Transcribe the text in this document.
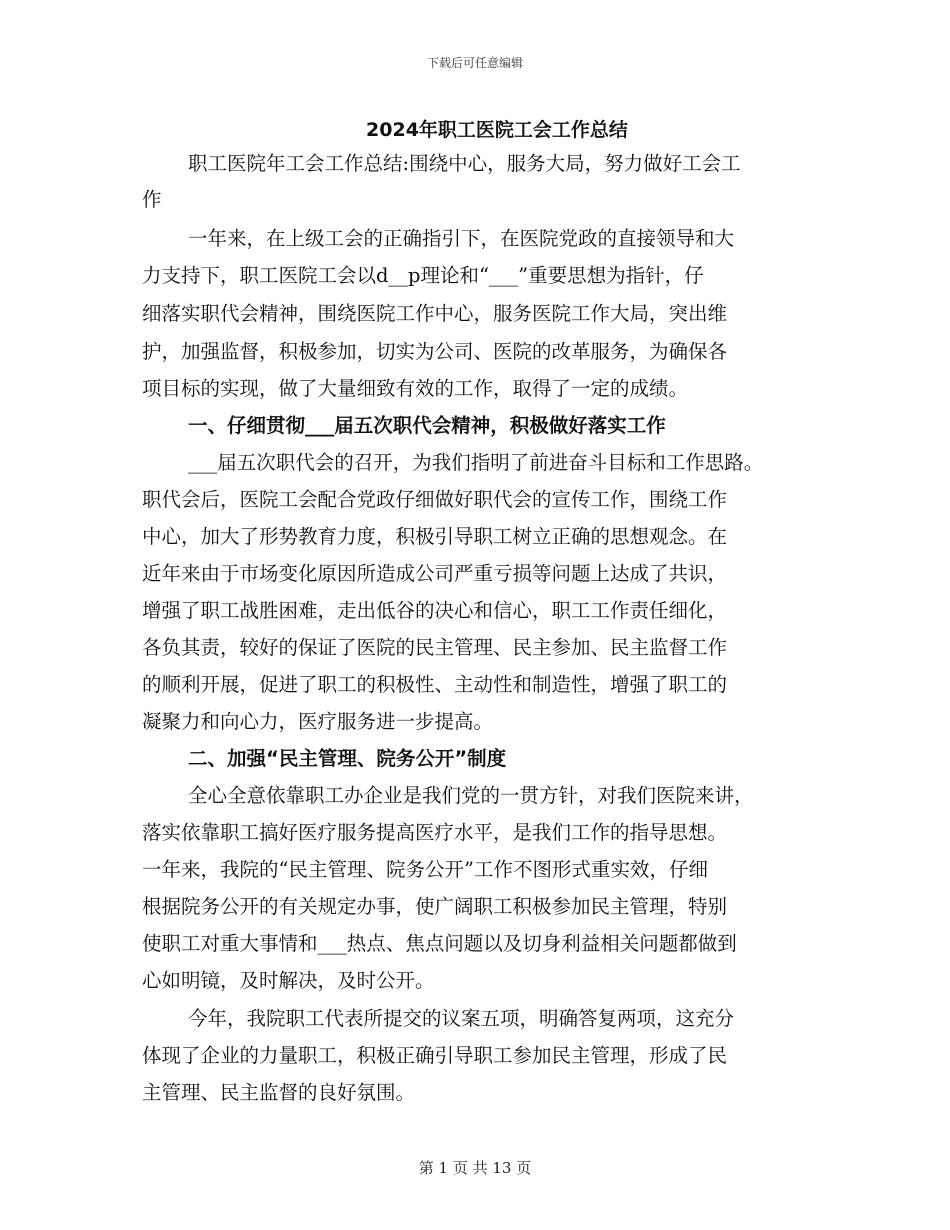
下载后可任意编辑
2024年职工医院工会工作总结
职工医院年工会工作总结:围绕中心，服务大局，努力做好工会工
作
一年来，在上级工会的正确指引下，在医院党政的直接领导和大
力支持下，职工医院工会以d__p理论和“___”重要思想为指针，仔
细落实职代会精神，围绕医院工作中心，服务医院工作大局，突出维
护，加强监督，积极参加，切实为公司、医院的改革服务，为确保各
项目标的实现，做了大量细致有效的工作，取得了一定的成绩。
一、仔细贯彻___届五次职代会精神，积极做好落实工作
___届五次职代会的召开，为我们指明了前进奋斗目标和工作思路。
职代会后，医院工会配合党政仔细做好职代会的宣传工作，围绕工作
中心，加大了形势教育力度，积极引导职工树立正确的思想观念。在
近年来由于市场变化原因所造成公司严重亏损等问题上达成了共识，
增强了职工战胜困难，走出低谷的决心和信心，职工工作责任细化，
各负其责，较好的保证了医院的民主管理、民主参加、民主监督工作
的顺利开展，促进了职工的积极性、主动性和制造性，增强了职工的
凝聚力和向心力，医疗服务进一步提高。
二、加强“民主管理、院务公开”制度
全心全意依靠职工办企业是我们党的一贯方针，对我们医院来讲，
落实依靠职工搞好医疗服务提高医疗水平，是我们工作的指导思想。
一年来，我院的“民主管理、院务公开”工作不图形式重实效，仔细
根据院务公开的有关规定办事，使广阔职工积极参加民主管理，特别
使职工对重大事情和___热点、焦点问题以及切身利益相关问题都做到
心如明镜，及时解决，及时公开。
今年，我院职工代表所提交的议案五项，明确答复两项，这充分
体现了企业的力量职工，积极正确引导职工参加民主管理，形成了民
主管理、民主监督的良好氛围。
第 1 页 共 13 页
